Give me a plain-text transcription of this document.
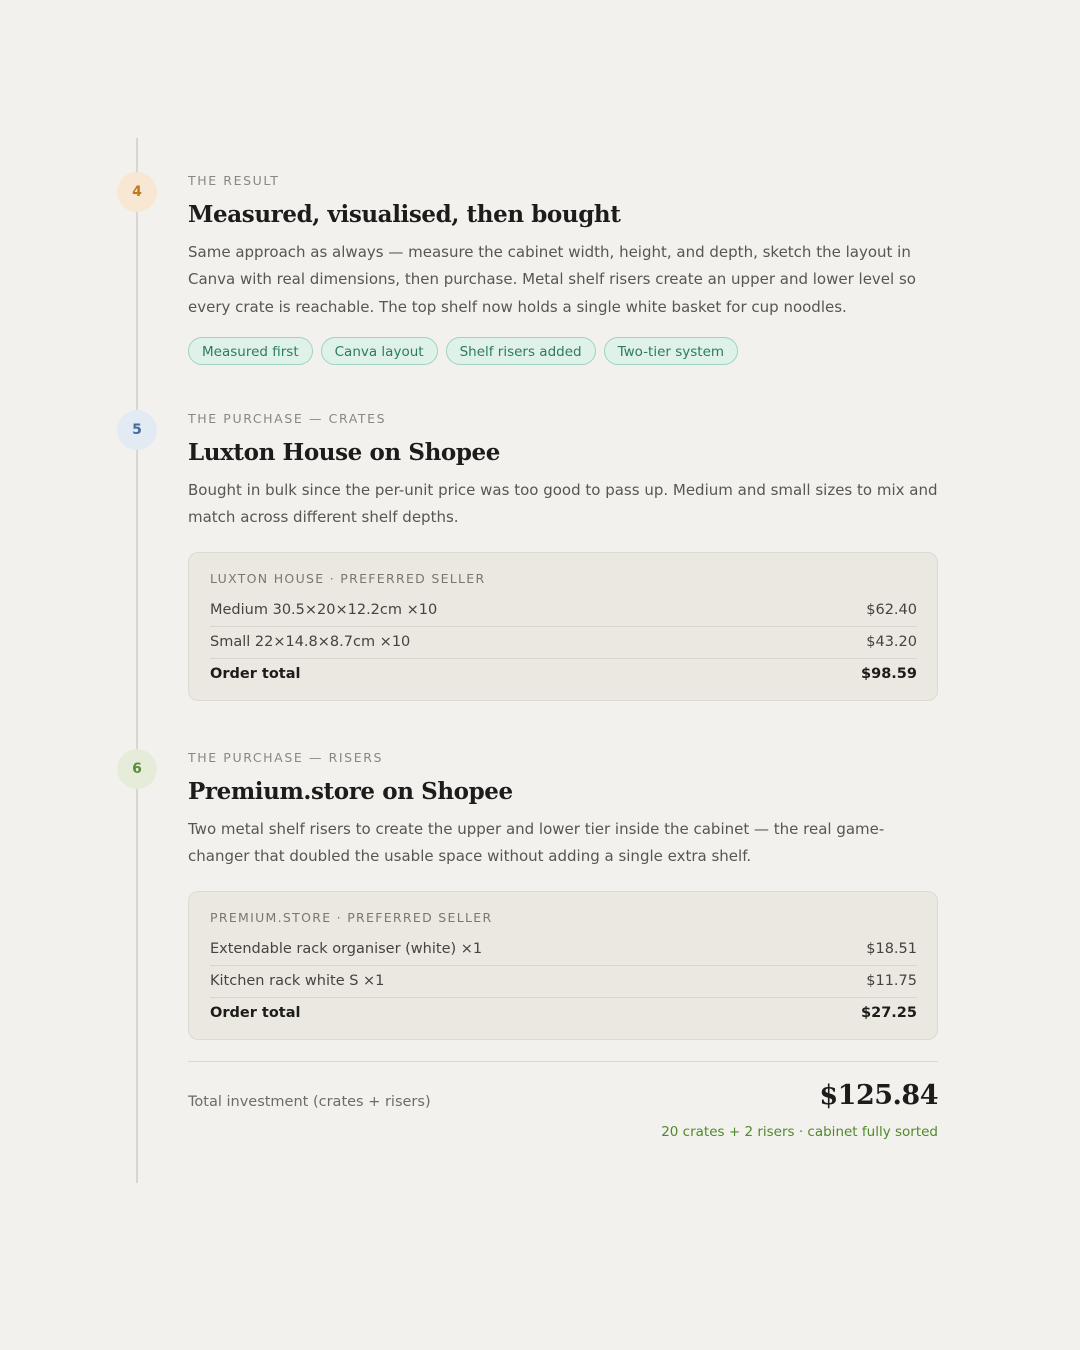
4

THE RESULT

Measured, visualised, then bought

Same approach as always — measure the cabinet width, height, and depth, sketch the layout in Canva with real dimensions, then purchase. Metal shelf risers create an upper and lower level so every crate is reachable. The top shelf now holds a single white basket for cup noodles.

Measured first	Canva layout	Shelf risers added	Two-tier system
5

THE PURCHASE — CRATES

Luxton House on Shopee

Bought in bulk since the per-unit price was too good to pass up. Medium and small sizes to mix and match across different shelf depths.

LUXTON HOUSE · PREFERRED SELLER
Medium 30.5×20×12.2cm ×10	$62.40
Small 22×14.8×8.7cm ×10	$43.20
Order total	$98.59
6

THE PURCHASE — RISERS

Premium.store on Shopee

Two metal shelf risers to create the upper and lower tier inside the cabinet — the real game-changer that doubled the usable space without adding a single extra shelf.

PREMIUM.STORE · PREFERRED SELLER
Extendable rack organiser (white) ×1	$18.51
Kitchen rack white S ×1	$11.75
Order total	$27.25
Total investment (crates + risers)	$125.84
20 crates + 2 risers · cabinet fully sorted
